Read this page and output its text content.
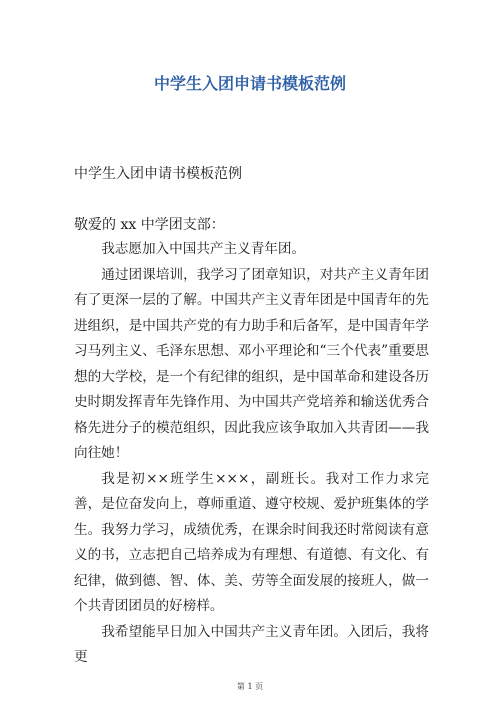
中学生入团申请书模板范例
中学生入团申请书模板范例
敬爱的 xx 中学团支部：

我志愿加入中国共产主义青年团。

通过团课培训，我学习了团章知识，对共产主义青年团有了更深一层的了解。中国共产主义青年团是中国青年的先进组织，是中国共产党的有力助手和后备军，是中国青年学习马列主义、毛泽东思想、邓小平理论和“三个代表”重要思想的大学校，是一个有纪律的组织，是中国革命和建设各历史时期发挥青年先锋作用、为中国共产党培养和输送优秀合格先进分子的模范组织，因此我应该争取加入共青团——我向往她！

我是初××班学生×××，副班长。我对工作力求完善，是位奋发向上，尊师重道、遵守校规、爱护班集体的学生。我努力学习，成绩优秀，在课余时间我还时常阅读有意义的书，立志把自己培养成为有理想、有道德、有文化、有纪律，做到德、智、体、美、劳等全面发展的接班人，做一个共青团团员的好榜样。

我希望能早日加入中国共产主义青年团。入团后，我将更

第 1 页
